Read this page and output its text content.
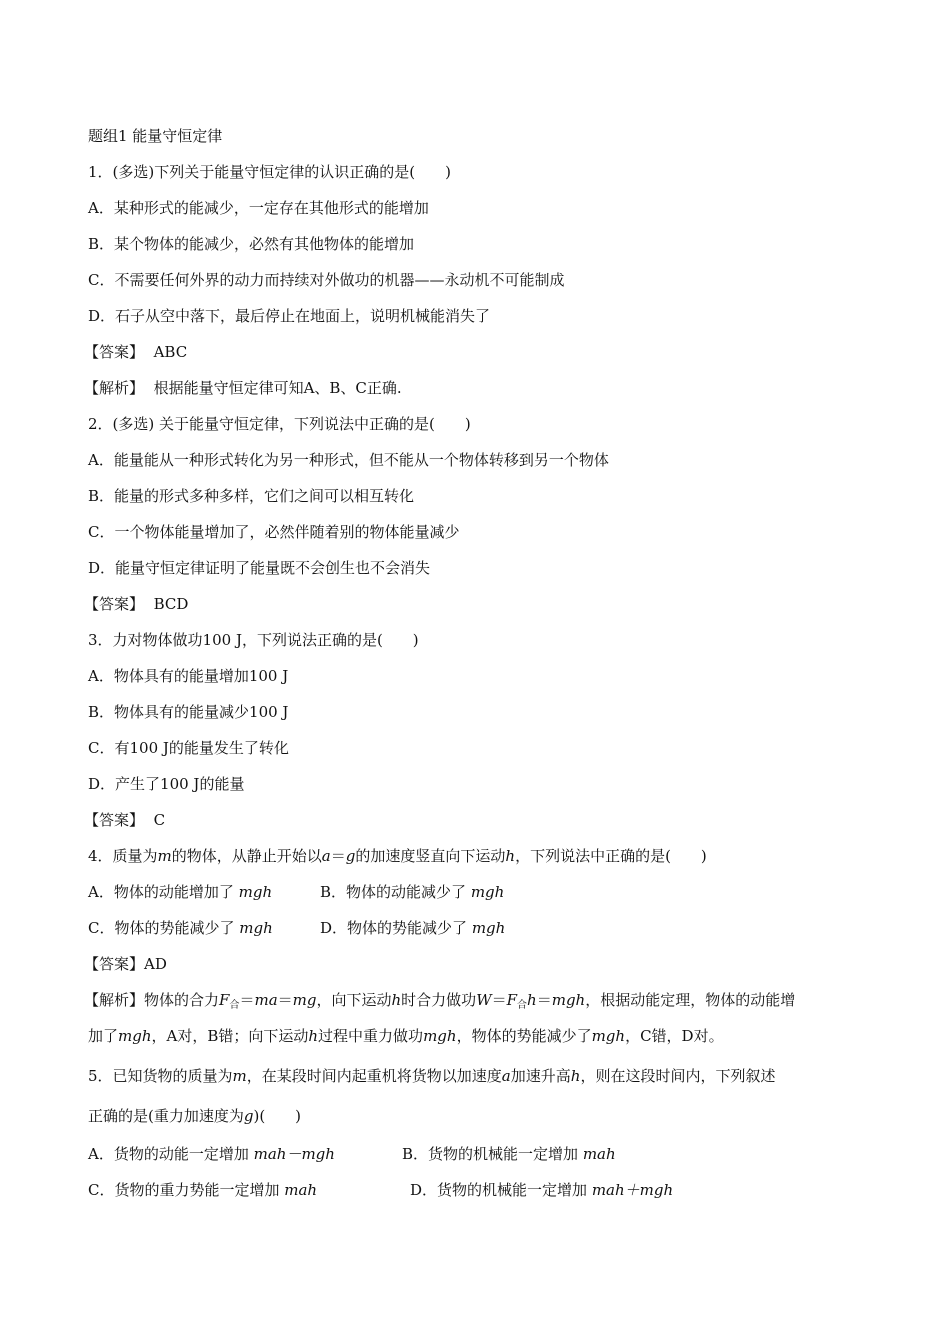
题组1 能量守恒定律
1．(多选)下列关于能量守恒定律的认识正确的是(　　)
A．某种形式的能减少，一定存在其他形式的能增加
B．某个物体的能减少，必然有其他物体的能增加
C．不需要任何外界的动力而持续对外做功的机器——永动机不可能制成
D．石子从空中落下，最后停止在地面上，说明机械能消失了
【答案】 ABC
【解析】 根据能量守恒定律可知A、B、C正确.
2．(多选) 关于能量守恒定律，下列说法中正确的是(　　)
A．能量能从一种形式转化为另一种形式，但不能从一个物体转移到另一个物体
B．能量的形式多种多样，它们之间可以相互转化
C．一个物体能量增加了，必然伴随着别的物体能量减少
D．能量守恒定律证明了能量既不会创生也不会消失
【答案】 BCD
3．力对物体做功100 J，下列说法正确的是(　　)
A．物体具有的能量增加100 J
B．物体具有的能量减少100 J
C．有100 J的能量发生了转化
D．产生了100 J的能量
【答案】 C
4．质量为m的物体，从静止开始以a＝g的加速度竖直向下运动h，下列说法中正确的是(　　)
A．物体的动能增加了 mgh	B．物体的动能减少了 mgh
C．物体的势能减少了 mgh	D．物体的势能减少了 mgh
【答案】AD
【解析】物体的合力$F_合=ma=mg$，向下运动h时合力做功$W=F_合h=mgh$，根据动能定理，物体的动能增
加了mgh，A对，B错；向下运动h过程中重力做功mgh，物体的势能减少了mgh，C错，D对。
5．已知货物的质量为m，在某段时间内起重机将货物以加速度a加速升高h，则在这段时间内，下列叙述
正确的是(重力加速度为g)(　　)
A．货物的动能一定增加 mah－mgh	B．货物的机械能一定增加 mah
C．货物的重力势能一定增加 mah	D．货物的机械能一定增加 mah＋mgh
